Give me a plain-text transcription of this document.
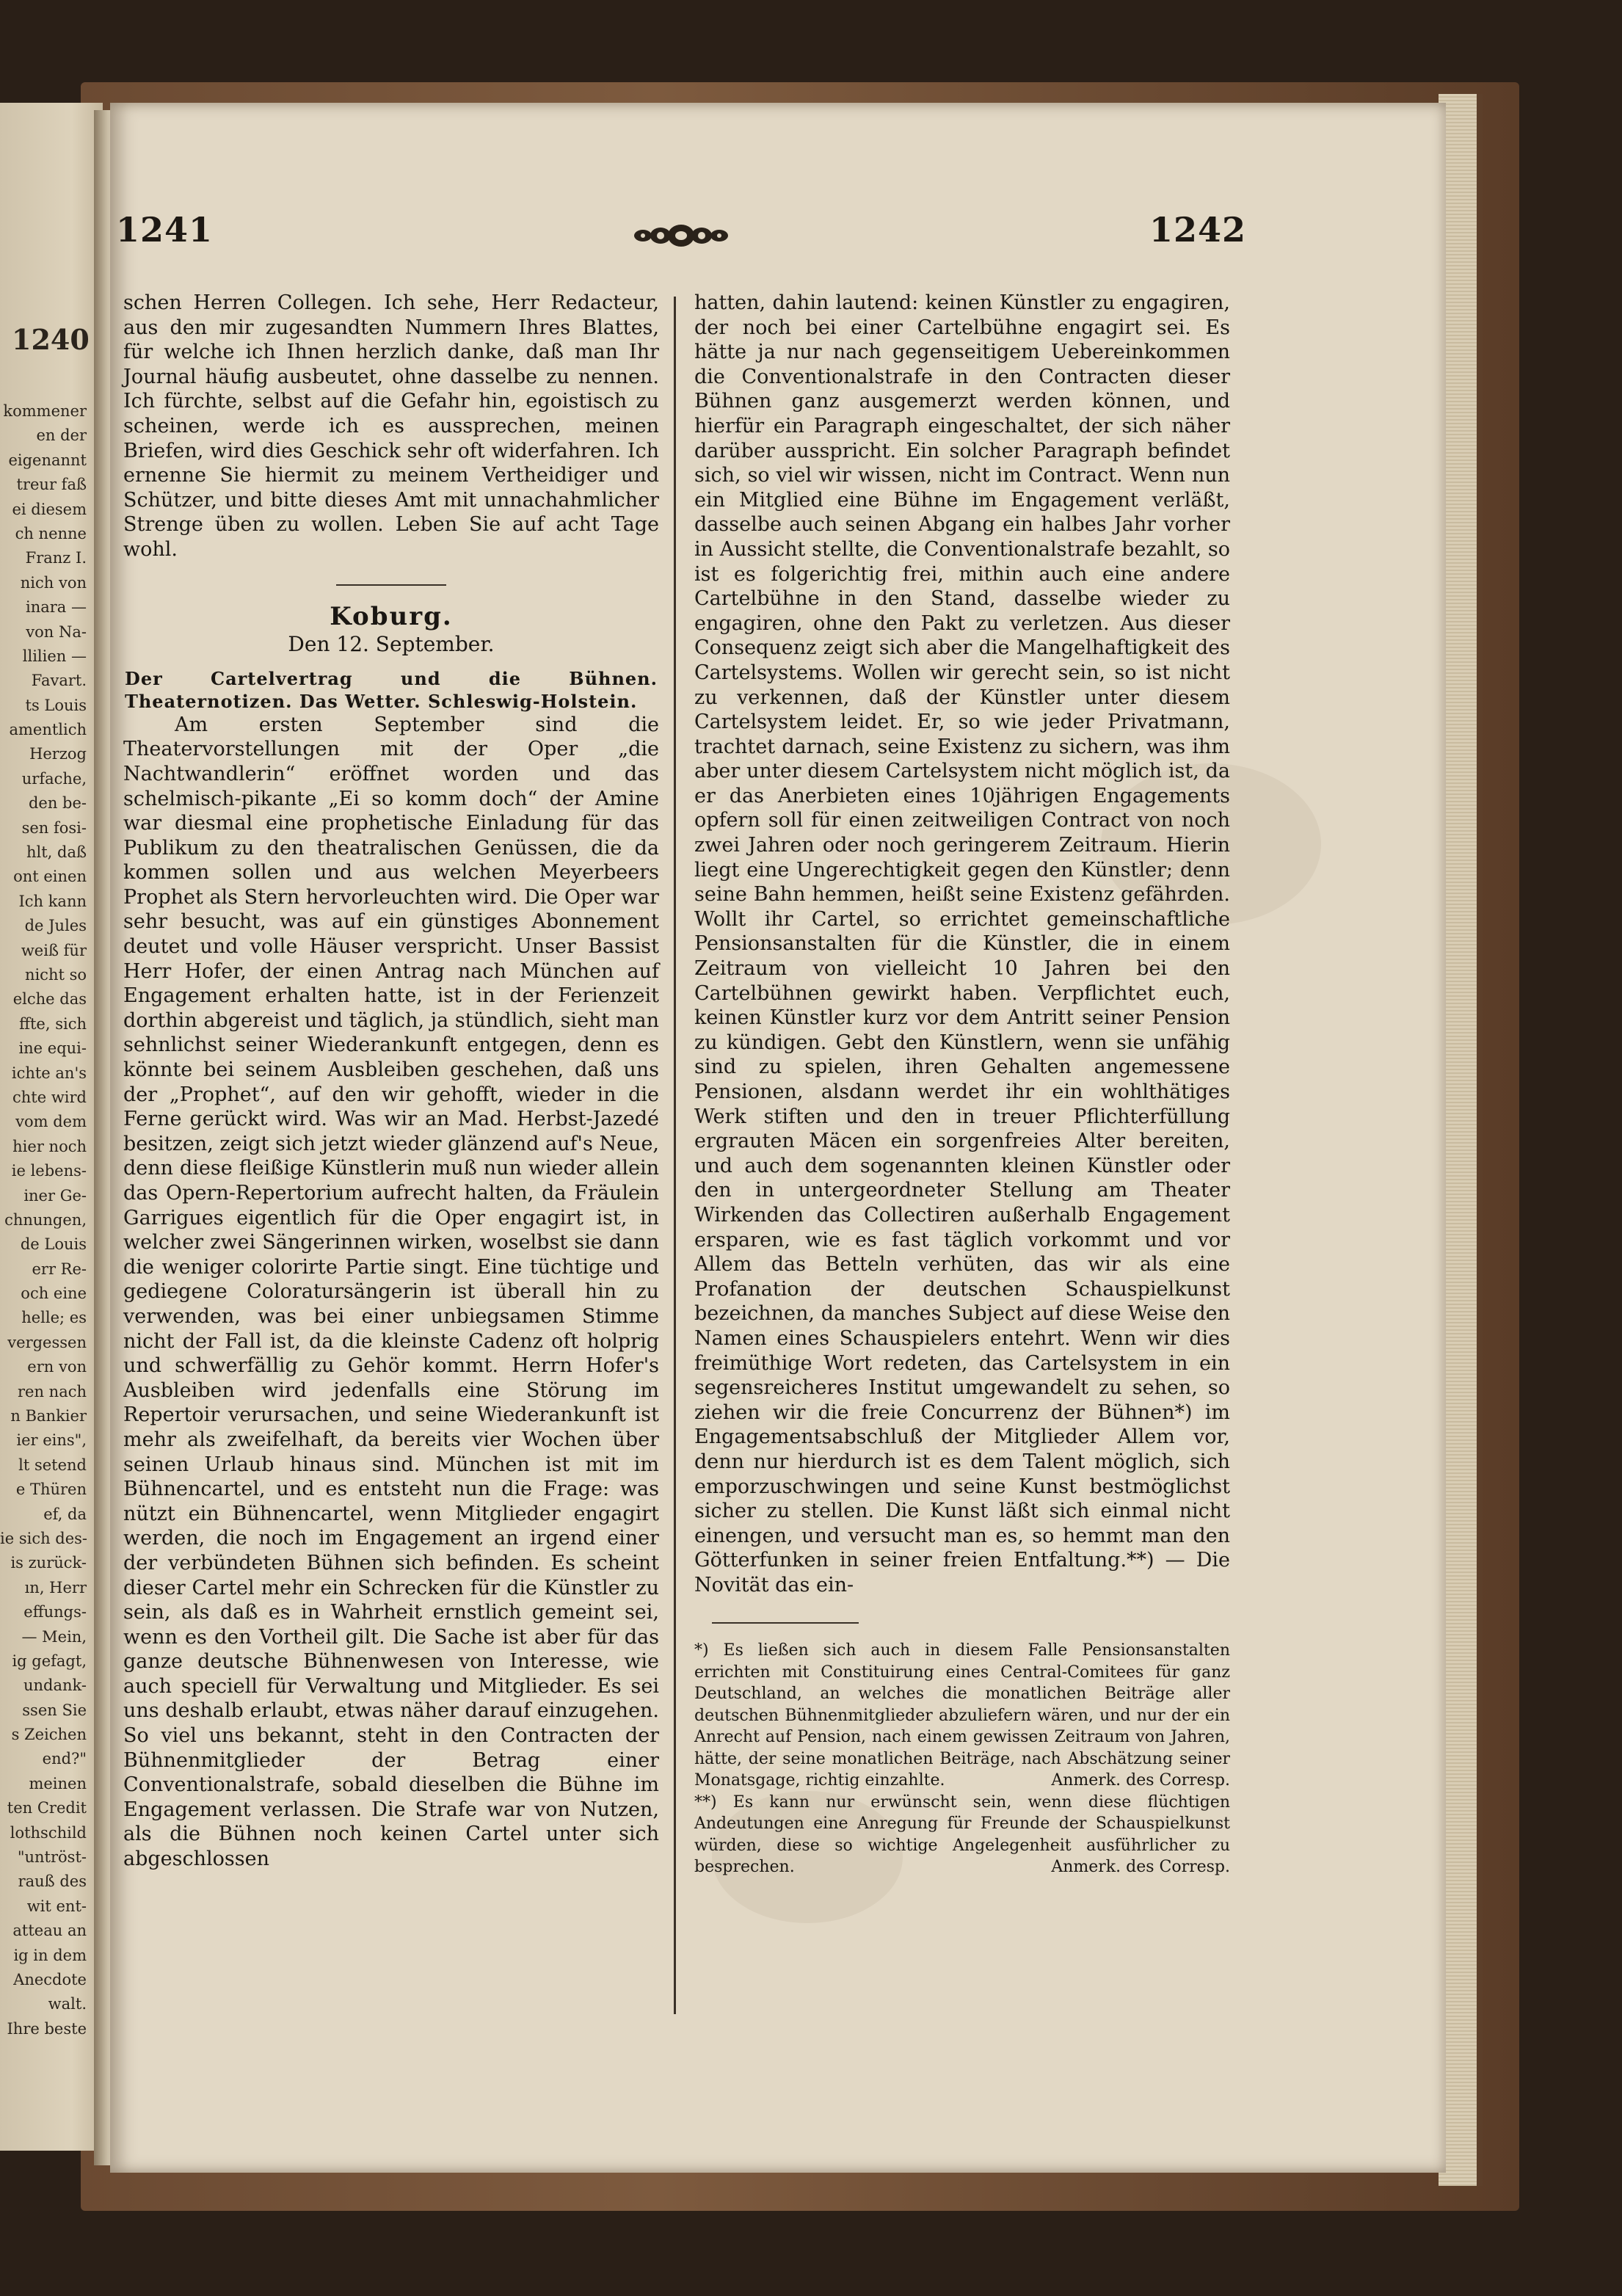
1240
kommener
en der
eigenannt
treur faß
ei diesem
ch nenne
Franz I.
nich von
inara —
von Na-
llilien —
Favart.
ts Louis
amentlich
Herzog
urfache,
den be-
sen fosi-
hlt, daß
ont einen
Ich kann
de Jules
weiß für
nicht so
elche das
ffte, sich
ine equi-
ichte an's
chte wird
vom dem
hier noch
ie lebens-
iner Ge-
chnungen,
de Louis
err Re-
och eine
helle; es
vergessen
ern von
ren nach
n Bankier
ier eins",
lt setend
e Thüren
ef, da
ie sich des-
is zurück-
ın, Herr
effungs-
— Mein,
ig gefagt,
undank-
ssen Sie
s Zeichen
end?"
meinen
ten Credit
lothschild
"untröst-
rauß des
wit ent-
atteau an
ig in dem
Anecdote
walt.
Ihre beste
1241	1242

schen Herren Collegen. Ich sehe, Herr Redacteur, aus den mir zugesandten Nummern Ihres Blattes, für welche ich Ihnen herzlich danke, daß man Ihr Journal häufig ausbeutet, ohne dasselbe zu nennen. Ich fürchte, selbst auf die Gefahr hin, egoistisch zu scheinen, werde ich es aussprechen, meinen Briefen, wird dies Geschick sehr oft widerfahren. Ich ernenne Sie hiermit zu meinem Vertheidiger und Schützer, und bitte dieses Amt mit unnachahmlicher Strenge üben zu wollen. Leben Sie auf acht Tage wohl.

Koburg.
Den 12. September.

Der Cartelvertrag und die Bühnen. Theaternotizen. Das Wetter. Schleswig-Holstein.

Am ersten September sind die Theatervorstellungen mit der Oper „die Nachtwandlerin“ eröffnet worden und das schelmisch-pikante „Ei so komm doch“ der Amine war diesmal eine prophetische Einladung für das Publikum zu den theatralischen Genüssen, die da kommen sollen und aus welchen Meyerbeers Prophet als Stern hervorleuchten wird. Die Oper war sehr besucht, was auf ein günstiges Abonnement deutet und volle Häuser verspricht. Unser Bassist Herr Hofer, der einen Antrag nach München auf Engagement erhalten hatte, ist in der Ferienzeit dorthin abgereist und täglich, ja stündlich, sieht man sehnlichst seiner Wiederankunft entgegen, denn es könnte bei seinem Ausbleiben geschehen, daß uns der „Prophet“, auf den wir gehofft, wieder in die Ferne gerückt wird. Was wir an Mad. Herbst-Jazedé besitzen, zeigt sich jetzt wieder glänzend auf's Neue, denn diese fleißige Künstlerin muß nun wieder allein das Opern-Repertorium aufrecht halten, da Fräulein Garrigues eigentlich für die Oper engagirt ist, in welcher zwei Sängerinnen wirken, woselbst sie dann die weniger colorirte Partie singt. Eine tüchtige und gediegene Coloratursängerin ist überall hin zu verwenden, was bei einer unbiegsamen Stimme nicht der Fall ist, da die kleinste Cadenz oft holprig und schwerfällig zu Gehör kommt. Herrn Hofer's Ausbleiben wird jedenfalls eine Störung im Repertoir verursachen, und seine Wiederankunft ist mehr als zweifelhaft, da bereits vier Wochen über seinen Urlaub hinaus sind. München ist mit im Bühnencartel, und es entsteht nun die Frage: was nützt ein Bühnencartel, wenn Mitglieder engagirt werden, die noch im Engagement an irgend einer der verbündeten Bühnen sich befinden. Es scheint dieser Cartel mehr ein Schrecken für die Künstler zu sein, als daß es in Wahrheit ernstlich gemeint sei, wenn es den Vortheil gilt. Die Sache ist aber für das ganze deutsche Bühnenwesen von Interesse, wie auch speciell für Verwaltung und Mitglieder. Es sei uns deshalb erlaubt, etwas näher darauf einzugehen. So viel uns bekannt, steht in den Contracten der Bühnenmitglieder der Betrag einer Conventionalstrafe, sobald dieselben die Bühne im Engagement verlassen. Die Strafe war von Nutzen, als die Bühnen noch keinen Cartel unter sich abgeschlossen

hatten, dahin lautend: keinen Künstler zu engagiren, der noch bei einer Cartelbühne engagirt sei. Es hätte ja nur nach gegenseitigem Uebereinkommen die Conventionalstrafe in den Contracten dieser Bühnen ganz ausgemerzt werden können, und hierfür ein Paragraph eingeschaltet, der sich näher darüber ausspricht. Ein solcher Paragraph befindet sich, so viel wir wissen, nicht im Contract. Wenn nun ein Mitglied eine Bühne im Engagement verläßt, dasselbe auch seinen Abgang ein halbes Jahr vorher in Aussicht stellte, die Conventionalstrafe bezahlt, so ist es folgerichtig frei, mithin auch eine andere Cartelbühne in den Stand, dasselbe wieder zu engagiren, ohne den Pakt zu verletzen. Aus dieser Consequenz zeigt sich aber die Mangelhaftigkeit des Cartelsystems. Wollen wir gerecht sein, so ist nicht zu verkennen, daß der Künstler unter diesem Cartelsystem leidet. Er, so wie jeder Privatmann, trachtet darnach, seine Existenz zu sichern, was ihm aber unter diesem Cartelsystem nicht möglich ist, da er das Anerbieten eines 10jährigen Engagements opfern soll für einen zeitweiligen Contract von noch zwei Jahren oder noch geringerem Zeitraum. Hierin liegt eine Ungerechtigkeit gegen den Künstler; denn seine Bahn hemmen, heißt seine Existenz gefährden. Wollt ihr Cartel, so errichtet gemeinschaftliche Pensionsanstalten für die Künstler, die in einem Zeitraum von vielleicht 10 Jahren bei den Cartelbühnen gewirkt haben. Verpflichtet euch, keinen Künstler kurz vor dem Antritt seiner Pension zu kündigen. Gebt den Künstlern, wenn sie unfähig sind zu spielen, ihren Gehalten angemessene Pensionen, alsdann werdet ihr ein wohlthätiges Werk stiften und den in treuer Pflichterfüllung ergrauten Mäcen ein sorgenfreies Alter bereiten, und auch dem sogenannten kleinen Künstler oder den in untergeordneter Stellung am Theater Wirkenden das Collectiren außerhalb Engagement ersparen, wie es fast täglich vorkommt und vor Allem das Betteln verhüten, das wir als eine Profanation der deutschen Schauspielkunst bezeichnen, da manches Subject auf diese Weise den Namen eines Schauspielers entehrt. Wenn wir dies freimüthige Wort redeten, das Cartelsystem in ein segensreicheres Institut umgewandelt zu sehen, so ziehen wir die freie Concurrenz der Bühnen*) im Engagementsabschluß der Mitglieder Allem vor, denn nur hierdurch ist es dem Talent möglich, sich emporzuschwingen und seine Kunst bestmöglichst sicher zu stellen. Die Kunst läßt sich einmal nicht einengen, und versucht man es, so hemmt man den Götterfunken in seiner freien Entfaltung.**) — Die Novität das ein-

*) Es ließen sich auch in diesem Falle Pensionsanstalten errichten mit Constituirung eines Central-Comitees für ganz Deutschland, an welches die monatlichen Beiträge aller deutschen Bühnenmitglieder abzuliefern wären, und nur der ein Anrecht auf Pension, nach einem gewissen Zeitraum von Jahren, hätte, der seine monatlichen Beiträge, nach Abschätzung seiner Monatsgage, richtig einzahlte.	Anmerk. des Corresp.

**) Es kann nur erwünscht sein, wenn diese flüchtigen Andeutungen eine Anregung für Freunde der Schauspielkunst würden, diese so wichtige Angelegenheit ausführlicher zu besprechen.	Anmerk. des Corresp.
